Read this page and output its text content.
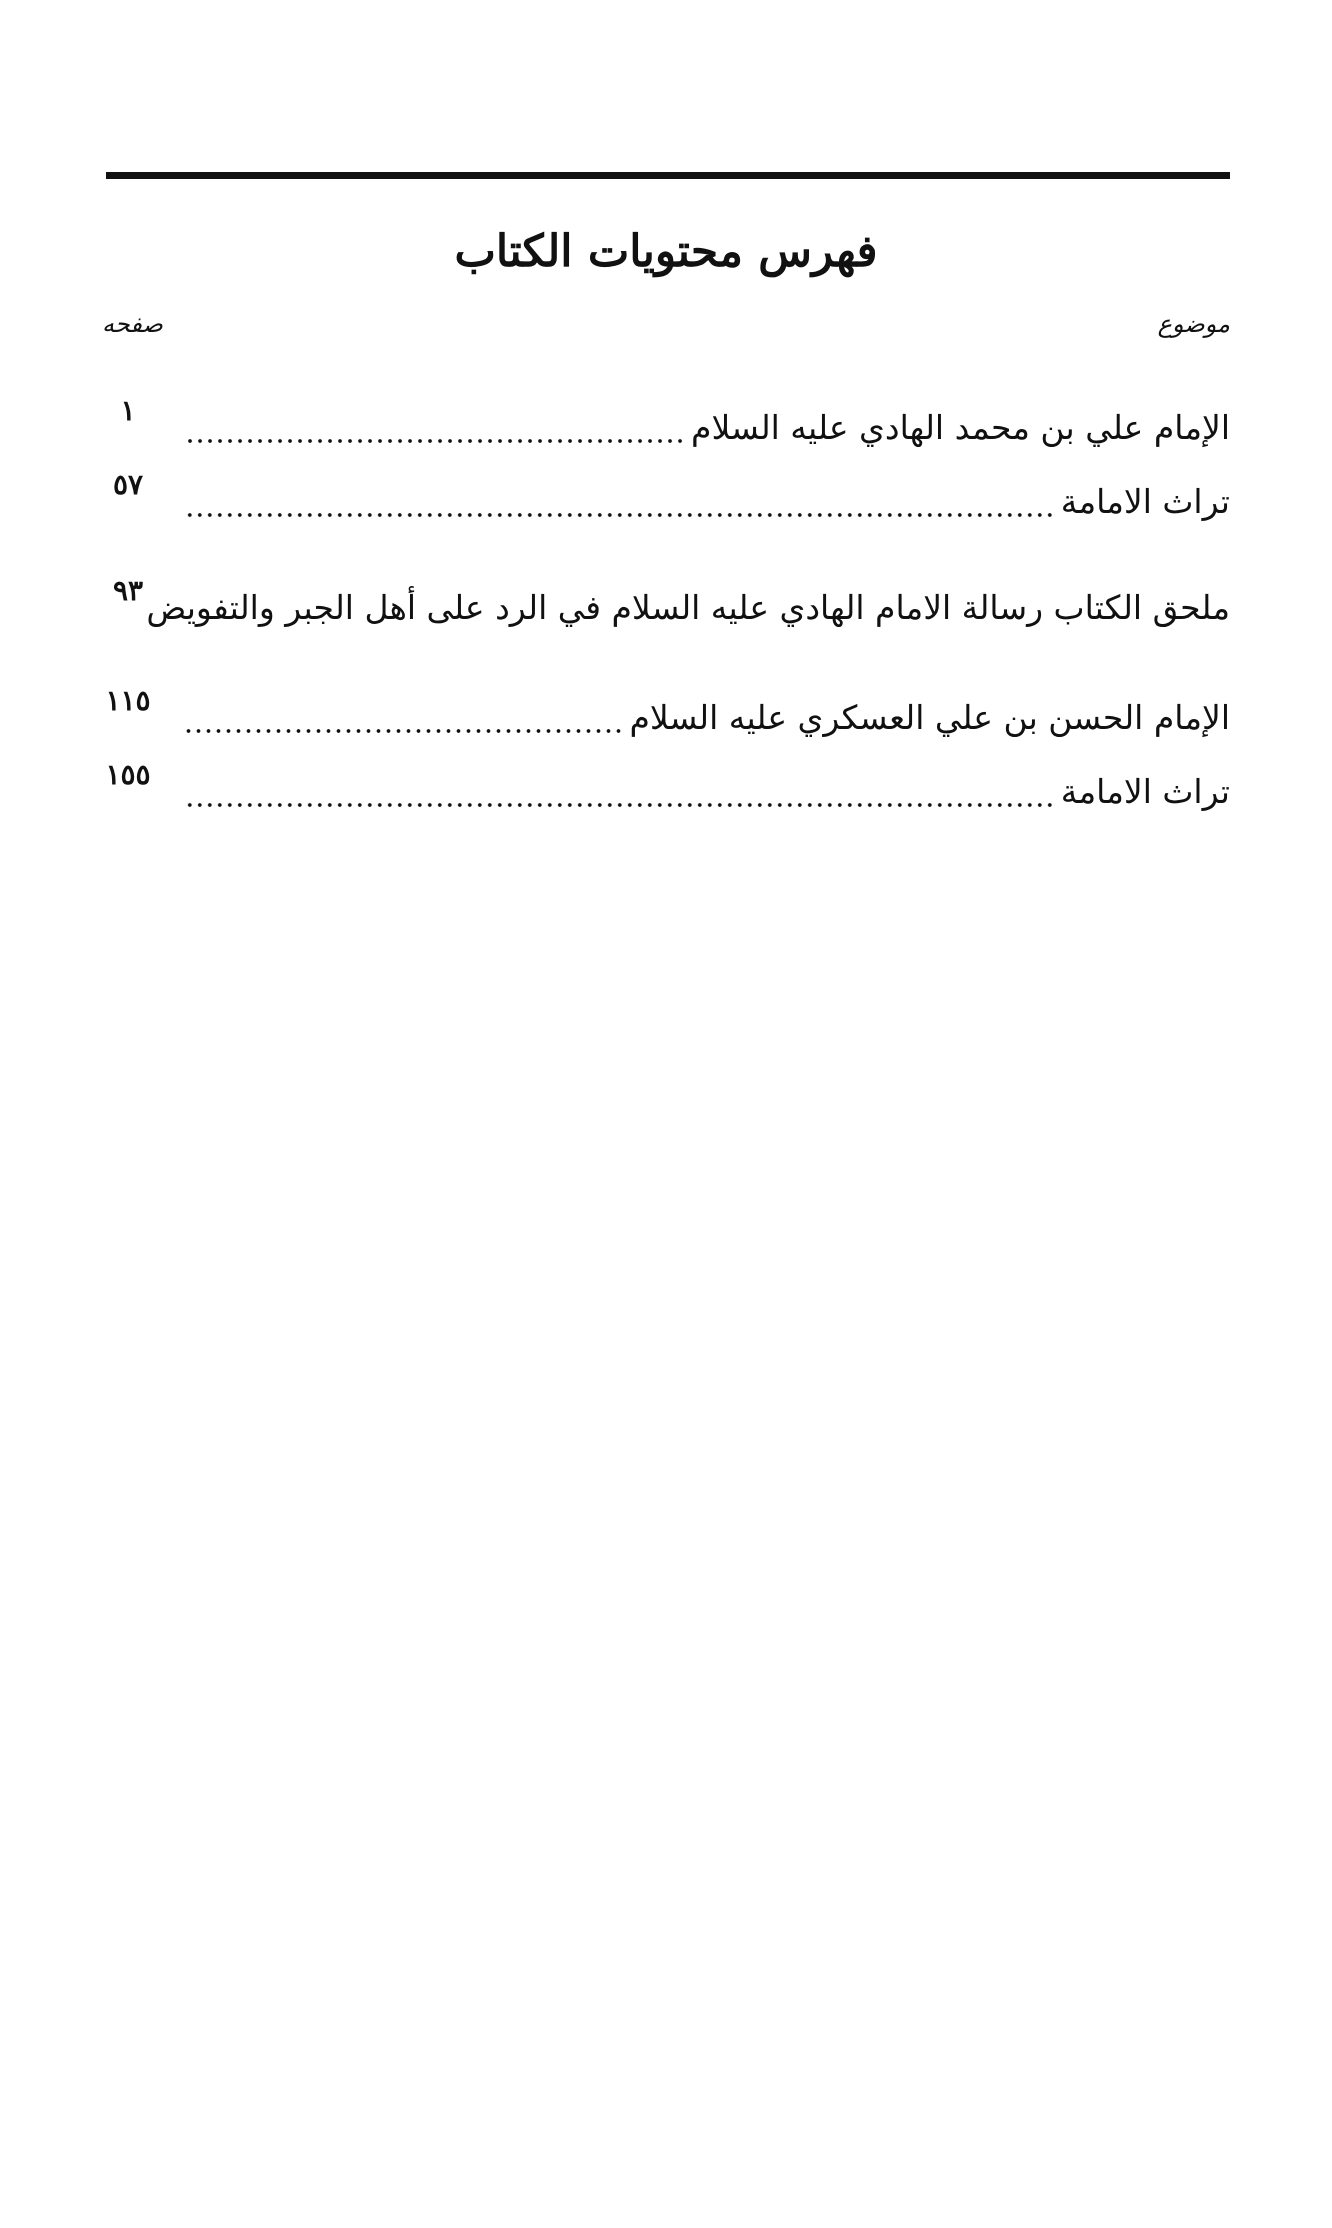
فهرس محتويات الكتاب
موضوع
صفحه
الإمام علي بن محمد الهادي عليه السلام
١
تراث الامامة
٥٧
ملحق الكتاب رسالة الامام الهادي عليه السلام في الرد على أهل الجبر والتفويض
٩٣
الإمام الحسن بن علي العسكري عليه السلام
١١٥
تراث الامامة
١٥٥
